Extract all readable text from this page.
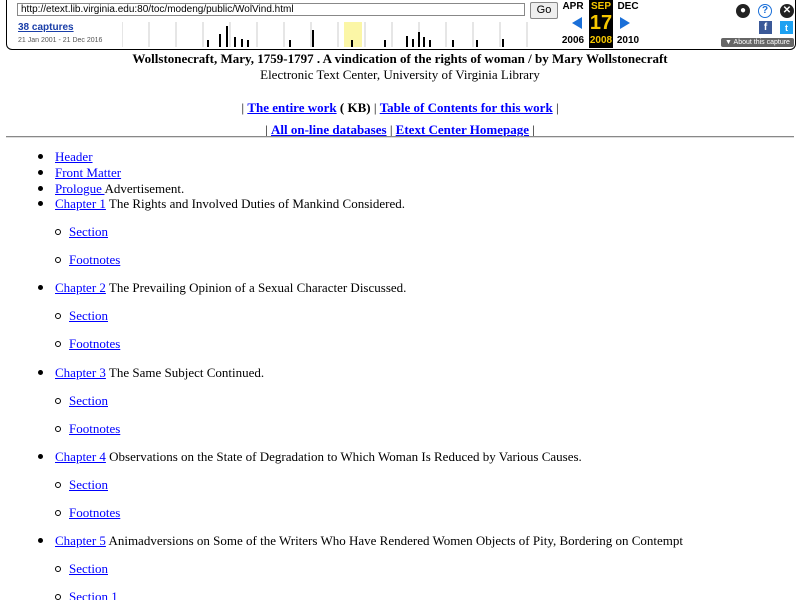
http://etext.lib.virginia.edu:80/toc/modeng/public/WolVind.html	Go
38 captures
21 Jan 2001 - 21 Dec 2016
APR
2006
SEP
17
2008
DEC
2010
●	?	✕
f	t
▼ About this capture
Wollstonecraft, Mary, 1759-1797 . A vindication of the rights of woman / by Mary Wollstonecraft
Electronic Text Center, University of Virginia Library
| The entire work ( KB) | Table of Contents for this work |
| All on-line databases | Etext Center Homepage |
Header
Front Matter
Prologue Advertisement.
Chapter 1 The Rights and Involved Duties of Mankind Considered.
Section
Footnotes
Chapter 2 The Prevailing Opinion of a Sexual Character Discussed.
Section
Footnotes
Chapter 3 The Same Subject Continued.
Section
Footnotes
Chapter 4 Observations on the State of Degradation to Which Woman Is Reduced by Various Causes.
Section
Footnotes
Chapter 5 Animadversions on Some of the Writers Who Have Rendered Women Objects of Pity, Bordering on Contempt
Section
Section 1
